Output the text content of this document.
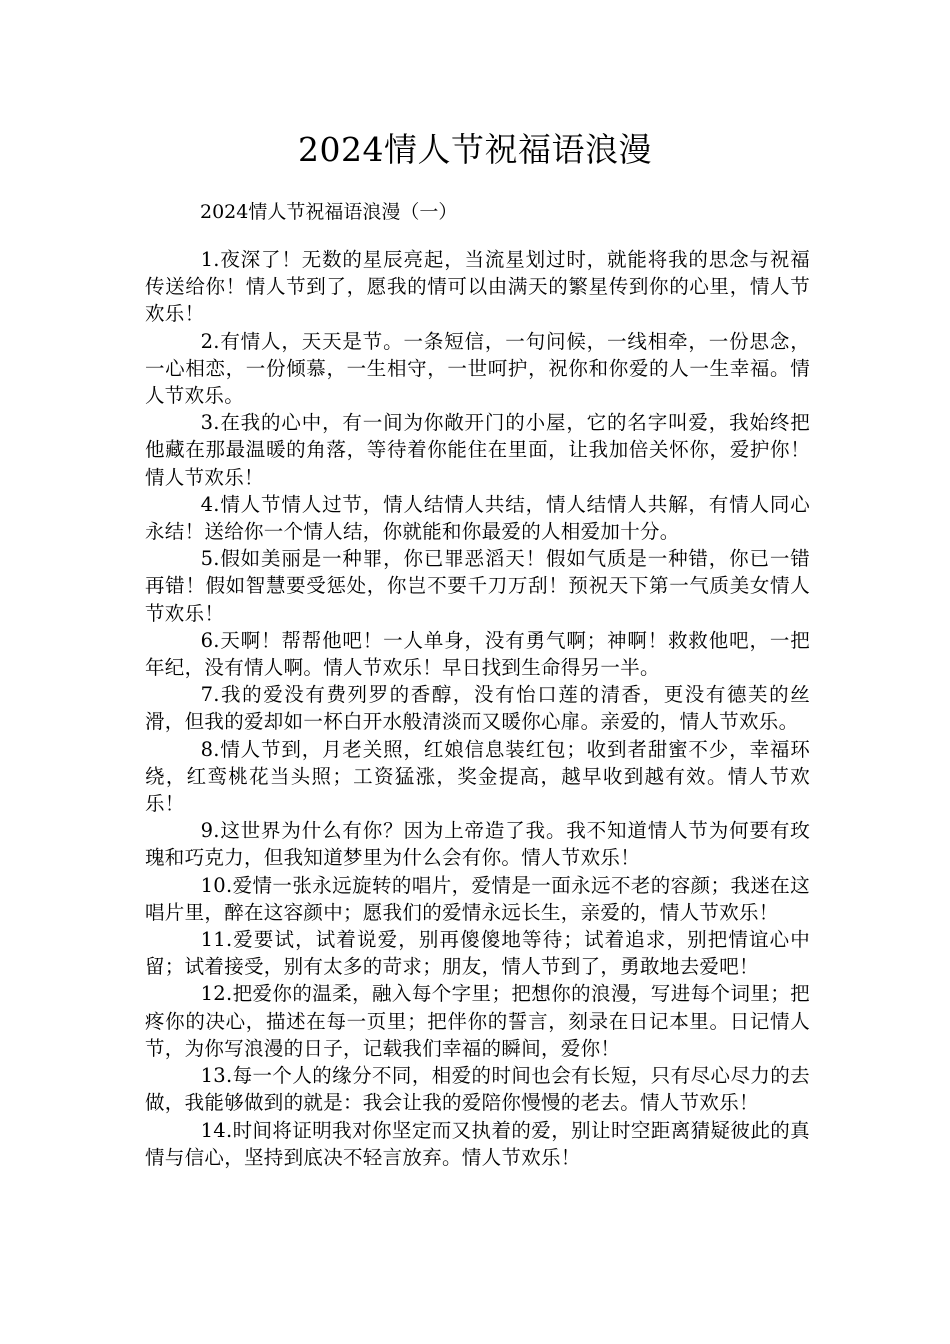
2024情人节祝福语浪漫
2024情人节祝福语浪漫（一）

1.夜深了！无数的星辰亮起，当流星划过时，就能将我的思念与祝福传送给你！情人节到了，愿我的情可以由满天的繁星传到你的心里，情人节欢乐！

2.有情人，天天是节。一条短信，一句问候，一线相牵，一份思念，一心相恋，一份倾慕，一生相守，一世呵护，祝你和你爱的人一生幸福。情人节欢乐。

3.在我的心中，有一间为你敞开门的小屋，它的名字叫爱，我始终把他藏在那最温暖的角落，等待着你能住在里面，让我加倍关怀你，爱护你！情人节欢乐！

4.情人节情人过节，情人结情人共结，情人结情人共解，有情人同心永结！送给你一个情人结，你就能和你最爱的人相爱加十分。

5.假如美丽是一种罪，你已罪恶滔天！假如气质是一种错，你已一错再错！假如智慧要受惩处，你岂不要千刀万刮！预祝天下第一气质美女情人节欢乐！

6.天啊！帮帮他吧！一人单身，没有勇气啊；神啊！救救他吧，一把年纪，没有情人啊。情人节欢乐！早日找到生命得另一半。

7.我的爱没有费列罗的香醇，没有怡口莲的清香，更没有德芙的丝滑，但我的爱却如一杯白开水般清淡而又暖你心扉。亲爱的，情人节欢乐。

8.情人节到，月老关照，红娘信息装红包；收到者甜蜜不少，幸福环绕，红鸾桃花当头照；工资猛涨，奖金提高，越早收到越有效。情人节欢乐！

9.这世界为什么有你？因为上帝造了我。我不知道情人节为何要有玫瑰和巧克力，但我知道梦里为什么会有你。情人节欢乐！

10.爱情一张永远旋转的唱片，爱情是一面永远不老的容颜；我迷在这唱片里，醉在这容颜中；愿我们的爱情永远长生，亲爱的，情人节欢乐！

11.爱要试，试着说爱，别再傻傻地等待；试着追求，别把情谊心中留；试着接受，别有太多的苛求；朋友，情人节到了，勇敢地去爱吧！

12.把爱你的温柔，融入每个字里；把想你的浪漫，写进每个词里；把疼你的决心，描述在每一页里；把伴你的誓言，刻录在日记本里。日记情人节，为你写浪漫的日子，记载我们幸福的瞬间，爱你！

13.每一个人的缘分不同，相爱的时间也会有长短，只有尽心尽力的去做，我能够做到的就是：我会让我的爱陪你慢慢的老去。情人节欢乐！

14.时间将证明我对你坚定而又执着的爱，别让时空距离猜疑彼此的真情与信心，坚持到底决不轻言放弃。情人节欢乐！
